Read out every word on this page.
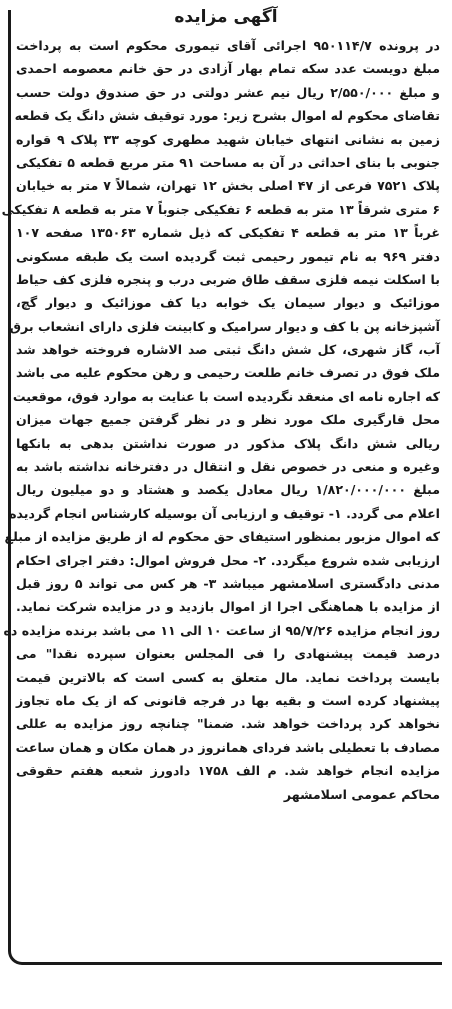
آگهی مزایده
در پرونده ۹۵۰۱۱۴/۷ اجرائی آقای تیموری محکوم است به پرداخت
مبلغ دویست عدد سکه تمام بهار آزادی در حق خانم معصومه احمدی
و مبلغ ۲/۵۵۰/۰۰۰ ریال نیم عشر دولتی در حق صندوق دولت حسب
تقاضای محکوم له اموال بشرح زیر: مورد توقیف شش دانگ یک قطعه
زمین به نشانی انتهای خیابان شهید مطهری کوچه ۳۳ پلاک ۹ قواره
جنوبی با بنای احداثی در آن به مساحت ۹۱ متر مربع قطعه ۵ تفکیکی
پلاک ۷۵۲۱ فرعی از ۴۷ اصلی بخش ۱۲ تهران، شمالاً ۷ متر به خیابان
۶ متری شرقاً ۱۳ متر به قطعه ۶ تفکیکی جنوباً ۷ متر به قطعه ۸ تفکیکی
غرباً ۱۳ متر به قطعه ۴ تفکیکی که ذیل شماره ۱۳۵۰۶۳ صفحه ۱۰۷
دفتر ۹۶۹ به نام تیمور رحیمی ثبت گردیده است یک طبقه مسکونی
با اسکلت نیمه فلزی سقف طاق ضربی درب و پنجره فلزی کف حیاط
موزائیک و دیوار سیمان یک خوابه دیا کف موزائیک و دیوار گچ،
آشپزخانه پن با کف و دیوار سرامیک و کابینت فلزی دارای انشعاب برق
آب، گاز شهری، کل شش دانگ ثبتی صد الاشاره فروخته خواهد شد
ملک فوق در تصرف خانم طلعت رحیمی و رهن محکوم علیه می باشد
که اجاره نامه ای منعقد نگردیده است با عنایت به موارد فوق، موقعیت
محل قارگیری ملک مورد نظر و در نظر گرفتن جمیع جهات میزان
ریالی شش دانگ پلاک مذکور در صورت نداشتن بدهی به بانکها
وغیره و منعی در خصوص نقل و انتقال در دفترخانه نداشته باشد به
مبلغ ۱/۸۲۰/۰۰۰/۰۰۰ ریال معادل یکصد و هشتاد و دو میلیون ریال
اعلام می گردد. ۱- توقیف و ارزیابی آن بوسیله کارشناس انجام گردیده
که اموال مزبور بمنظور استیفای حق محکوم له از طریق مزایده از مبلغ
ارزیابی شده شروع میگردد. ۲- محل فروش اموال: دفتر اجرای احکام
مدنی دادگستری اسلامشهر میباشد ۳- هر کس می تواند ۵ روز قبل
از مزایده با هماهنگی اجرا از اموال بازدید و در مزایده شرکت نماید.
روز انجام مزایده ۹۵/۷/۲۶ از ساعت ۱۰ الی ۱۱ می باشد برنده مزایده ده
درصد قیمت پیشنهادی را فی المجلس بعنوان سپرده نقدا" می
بایست پرداخت نماید. مال متعلق به کسی است که بالاترین قیمت
پیشنهاد کرده است و بقیه بها در فرجه قانونی که از یک ماه تجاوز
نخواهد کرد پرداخت خواهد شد. ضمنا" چنانچه روز مزایده به عللی
مصادف با تعطیلی باشد فردای همانروز در همان مکان و همان ساعت
مزایده انجام خواهد شد. م الف ۱۷۵۸ دادورز شعبه هفتم حقوقی
محاکم عمومی اسلامشهر
